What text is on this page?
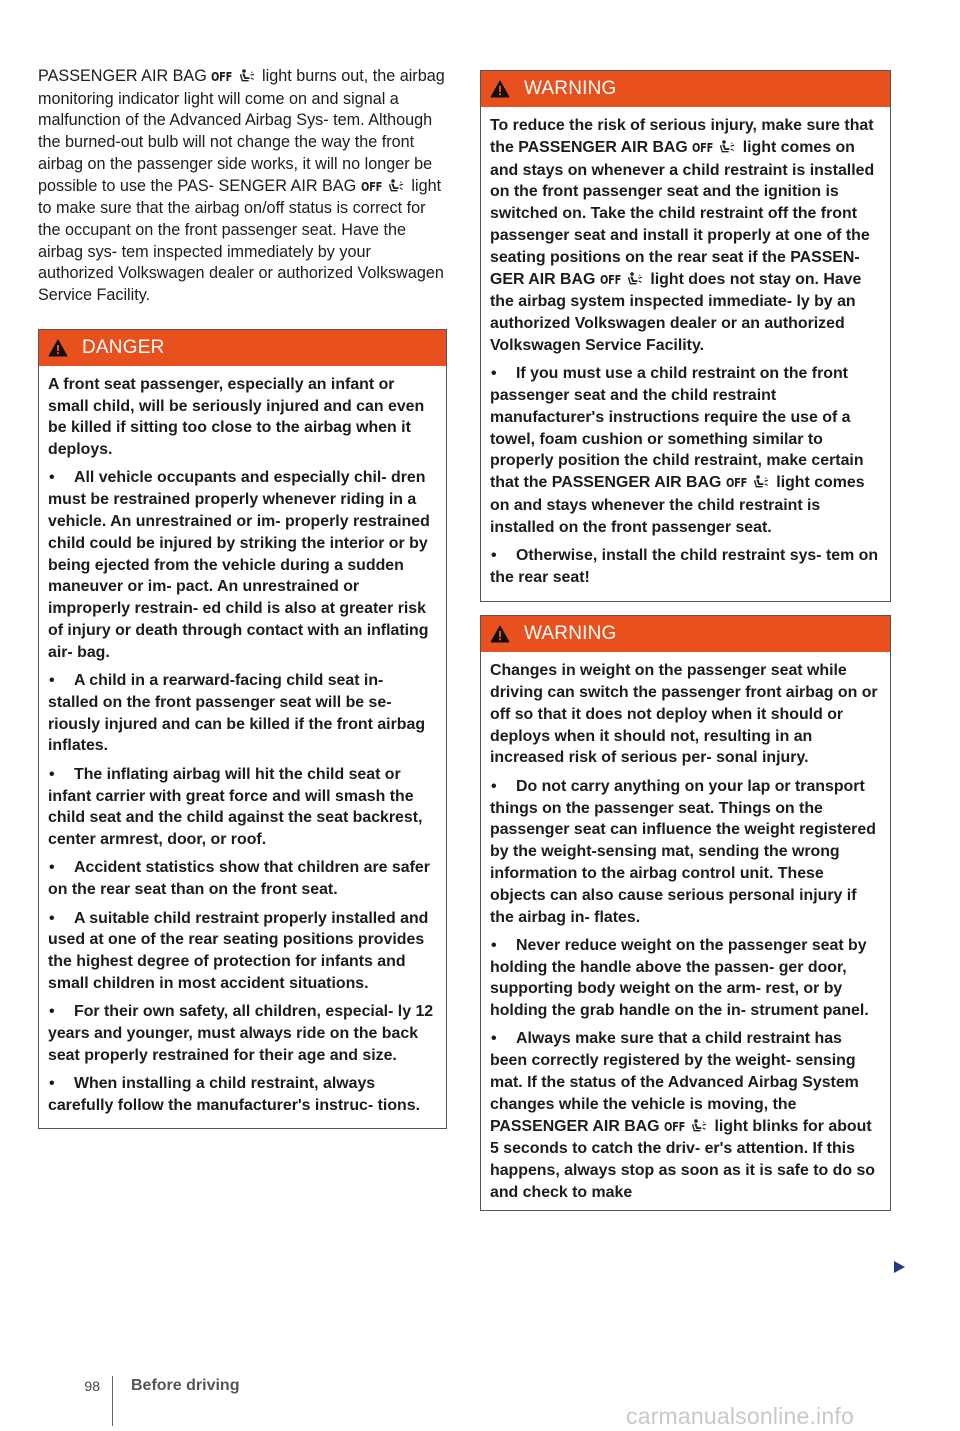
PASSENGER AIR BAG OFF  light burns out, the airbag monitoring indicator light will come on and signal a malfunction of the Advanced Airbag Sys- tem. Although the burned-out bulb will not change the way the front airbag on the passenger side works, it will no longer be possible to use the PAS- SENGER AIR BAG OFF  light to make sure that the airbag on/off status is correct for the occupant on the front passenger seat. Have the airbag sys- tem inspected immediately by your authorized Volkswagen dealer or authorized Volkswagen Service Facility.

DANGER

A front seat passenger, especially an infant or small child, will be seriously injured and can even be killed if sitting too close to the airbag when it deploys.

• All vehicle occupants and especially chil- dren must be restrained properly whenever riding in a vehicle. An unrestrained or im- properly restrained child could be injured by striking the interior or by being ejected from the vehicle during a sudden maneuver or im- pact. An unrestrained or improperly restrain- ed child is also at greater risk of injury or death through contact with an inflating air- bag.

• A child in a rearward-facing child seat in- stalled on the front passenger seat will be se- riously injured and can be killed if the front airbag inflates.

• The inflating airbag will hit the child seat or infant carrier with great force and will smash the child seat and the child against the seat backrest, center armrest, door, or roof.

• Accident statistics show that children are safer on the rear seat than on the front seat.

• A suitable child restraint properly installed and used at one of the rear seating positions provides the highest degree of protection for infants and small children in most accident situations.

• For their own safety, all children, especial- ly 12 years and younger, must always ride on the back seat properly restrained for their age and size.

• When installing a child restraint, always carefully follow the manufacturer's instruc- tions.

WARNING

To reduce the risk of serious injury, make sure that the PASSENGER AIR BAG OFF  light comes on and stays on whenever a child restraint is installed on the front passenger seat and the ignition is switched on. Take the child restraint off the front passenger seat and install it properly at one of the seating positions on the rear seat if the PASSEN- GER AIR BAG OFF  light does not stay on. Have the airbag system inspected immediate- ly by an authorized Volkswagen dealer or an authorized Volkswagen Service Facility.

• If you must use a child restraint on the front passenger seat and the child restraint manufacturer's instructions require the use of a towel, foam cushion or something similar to properly position the child restraint, make certain that the PASSENGER AIR BAG OFF  light comes on and stays whenever the child restraint is installed on the front passenger seat.

• Otherwise, install the child restraint sys- tem on the rear seat!

WARNING

Changes in weight on the passenger seat while driving can switch the passenger front airbag on or off so that it does not deploy when it should or deploys when it should not, resulting in an increased risk of serious per- sonal injury.

• Do not carry anything on your lap or transport things on the passenger seat. Things on the passenger seat can influence the weight registered by the weight-sensing mat, sending the wrong information to the airbag control unit. These objects can also cause serious personal injury if the airbag in- flates.

• Never reduce weight on the passenger seat by holding the handle above the passen- ger door, supporting body weight on the arm- rest, or by holding the grab handle on the in- strument panel.

• Always make sure that a child restraint has been correctly registered by the weight- sensing mat. If the status of the Advanced Airbag System changes while the vehicle is moving, the PASSENGER AIR BAG OFF  light blinks for about 5 seconds to catch the driv- er's attention. If this happens, always stop as soon as it is safe to do so and check to make

98 Before driving
carmanualsonline.info
